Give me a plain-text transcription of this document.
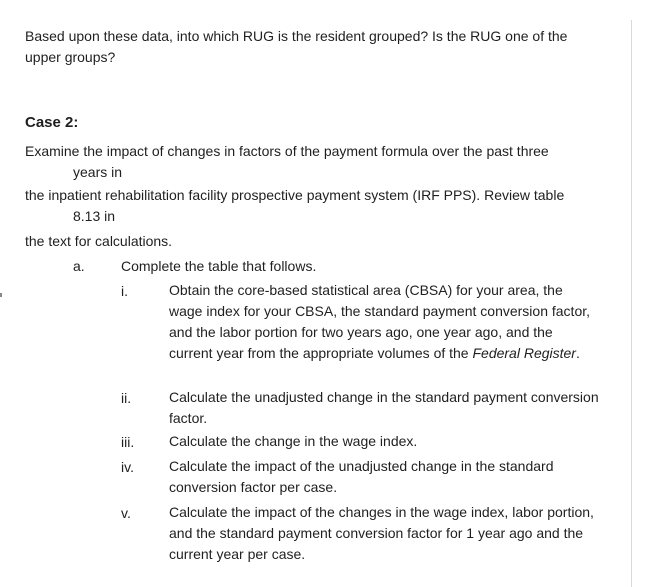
Based upon these data, into which RUG is the resident grouped? Is the RUG one of the
upper groups?
Case 2:
Examine the impact of changes in factors of the payment formula over the past three
years in
the inpatient rehabilitation facility prospective payment system (IRF PPS). Review table
8.13 in
the text for calculations.
a.	Complete the table that follows.
i.	Obtain the core-based statistical area (CBSA) for your area, the wage index for your CBSA, the standard payment conversion factor, and the labor portion for two years ago, one year ago, and the current year from the appropriate volumes of the Federal Register.
ii.	Calculate the unadjusted change in the standard payment conversion factor.
iii. Calculate the change in the wage index.
iv.	Calculate the impact of the unadjusted change in the standard conversion factor per case.
v.	Calculate the impact of the changes in the wage index, labor portion, and the standard payment conversion factor for 1 year ago and the current year per case.
